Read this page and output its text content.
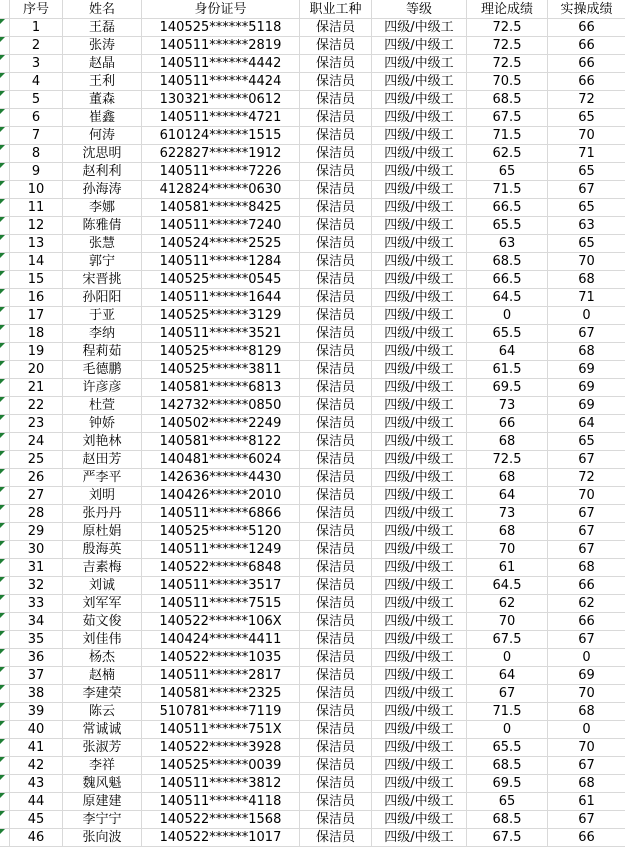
序号	姓名	身份证号	职业工种	等级	理论成绩	实操成绩
1	王磊	140525******5118	保洁员	四级/中级工	72.5	66
2	张涛	140511******2819	保洁员	四级/中级工	72.5	66
3	赵晶	140511******4442	保洁员	四级/中级工	72.5	66
4	王利	140511******4424	保洁员	四级/中级工	70.5	66
5	董森	130321******0612	保洁员	四级/中级工	68.5	72
6	崔鑫	140511******4721	保洁员	四级/中级工	67.5	65
7	何涛	610124******1515	保洁员	四级/中级工	71.5	70
8	沈思明	622827******1912	保洁员	四级/中级工	62.5	71
9	赵利利	140511******7226	保洁员	四级/中级工	65	65
10	孙海涛	412824******0630	保洁员	四级/中级工	71.5	67
11	李娜	140581******8425	保洁员	四级/中级工	66.5	65
12	陈雅倩	140511******7240	保洁员	四级/中级工	65.5	63
13	张慧	140524******2525	保洁员	四级/中级工	63	65
14	郭宁	140511******1284	保洁员	四级/中级工	68.5	70
15	宋晋挑	140525******0545	保洁员	四级/中级工	66.5	68
16	孙阳阳	140511******1644	保洁员	四级/中级工	64.5	71
17	于亚	140525******3129	保洁员	四级/中级工	0	0
18	李纳	140511******3521	保洁员	四级/中级工	65.5	67
19	程莉茹	140525******8129	保洁员	四级/中级工	64	68
20	毛德鹏	140525******3811	保洁员	四级/中级工	61.5	69
21	许彦彦	140581******6813	保洁员	四级/中级工	69.5	69
22	杜萱	142732******0850	保洁员	四级/中级工	73	69
23	钟娇	140502******2249	保洁员	四级/中级工	66	64
24	刘艳林	140581******8122	保洁员	四级/中级工	68	65
25	赵田芳	140481******6024	保洁员	四级/中级工	72.5	67
26	严李平	142636******4430	保洁员	四级/中级工	68	72
27	刘明	140426******2010	保洁员	四级/中级工	64	70
28	张丹丹	140511******6866	保洁员	四级/中级工	73	67
29	原杜娟	140525******5120	保洁员	四级/中级工	68	67
30	殷海英	140511******1249	保洁员	四级/中级工	70	67
31	吉素梅	140522******6848	保洁员	四级/中级工	61	68
32	刘诚	140511******3517	保洁员	四级/中级工	64.5	66
33	刘军军	140511******7515	保洁员	四级/中级工	62	62
34	茹文俊	140522******106X	保洁员	四级/中级工	70	66
35	刘佳伟	140424******4411	保洁员	四级/中级工	67.5	67
36	杨杰	140522******1035	保洁员	四级/中级工	0	0
37	赵楠	140511******2817	保洁员	四级/中级工	64	69
38	李建荣	140581******2325	保洁员	四级/中级工	67	70
39	陈云	510781******7119	保洁员	四级/中级工	71.5	68
40	常诚诚	140511******751X	保洁员	四级/中级工	0	0
41	张淑芳	140522******3928	保洁员	四级/中级工	65.5	70
42	李祥	140525******0039	保洁员	四级/中级工	68.5	67
43	魏风魁	140511******3812	保洁员	四级/中级工	69.5	68
44	原建建	140511******4118	保洁员	四级/中级工	65	61
45	李宁宁	140522******1568	保洁员	四级/中级工	68.5	67
46	张向波	140522******1017	保洁员	四级/中级工	67.5	66
